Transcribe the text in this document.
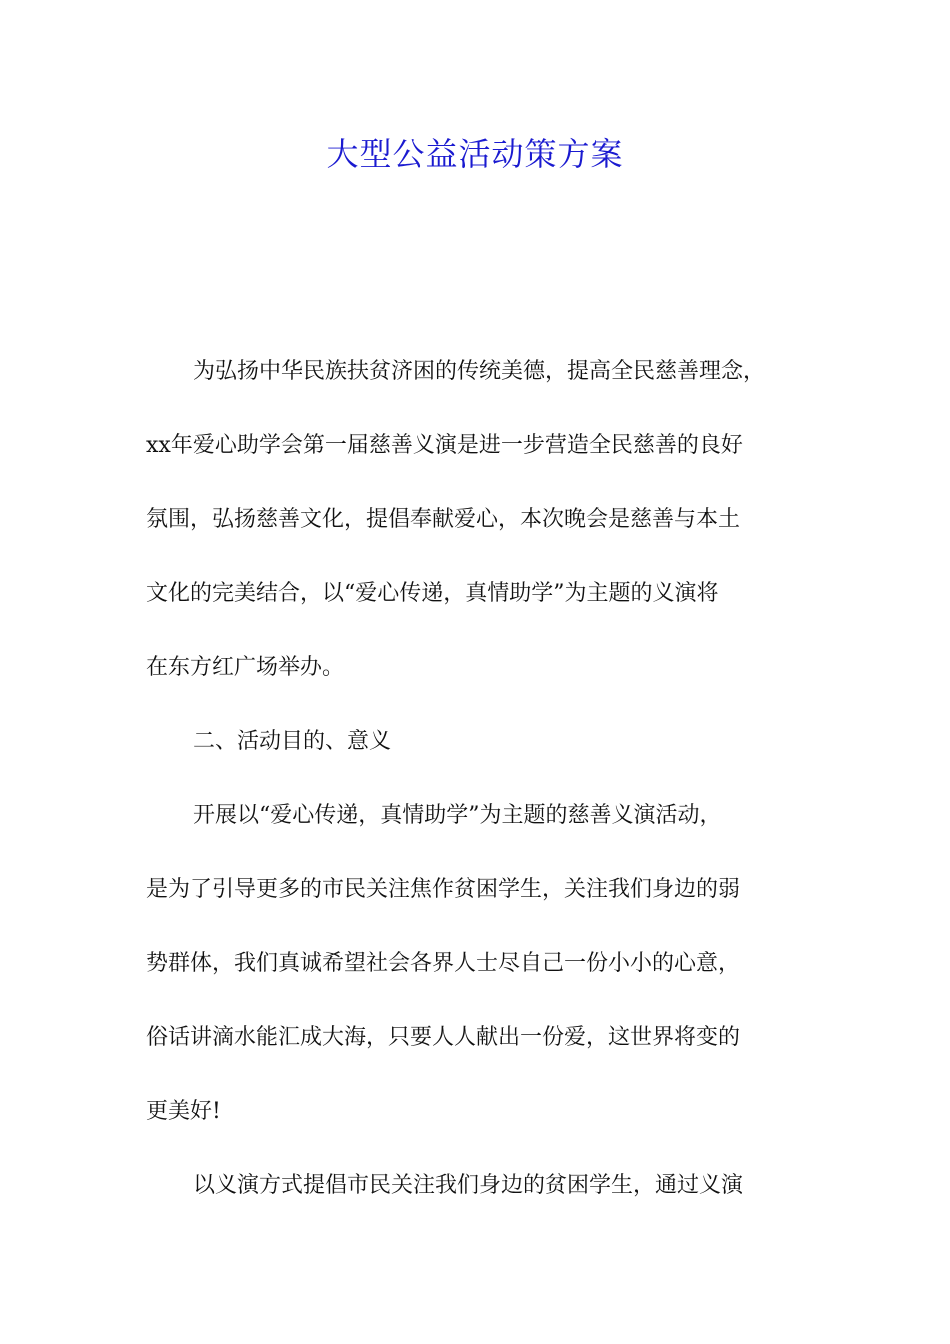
大型公益活动策方案

为弘扬中华民族扶贫济困的传统美德，提高全民慈善理念，
xx年爱心助学会第一届慈善义演是进一步营造全民慈善的良好
氛围，弘扬慈善文化，提倡奉献爱心，本次晚会是慈善与本土
文化的完美结合，以“爱心传递，真情助学”为主题的义演将
在东方红广场举办。

二、活动目的、意义

开展以“爱心传递，真情助学”为主题的慈善义演活动，
是为了引导更多的市民关注焦作贫困学生，关注我们身边的弱
势群体，我们真诚希望社会各界人士尽自己一份小小的心意，
俗话讲滴水能汇成大海，只要人人献出一份爱，这世界将变的
更美好!

以义演方式提倡市民关注我们身边的贫困学生，通过义演
